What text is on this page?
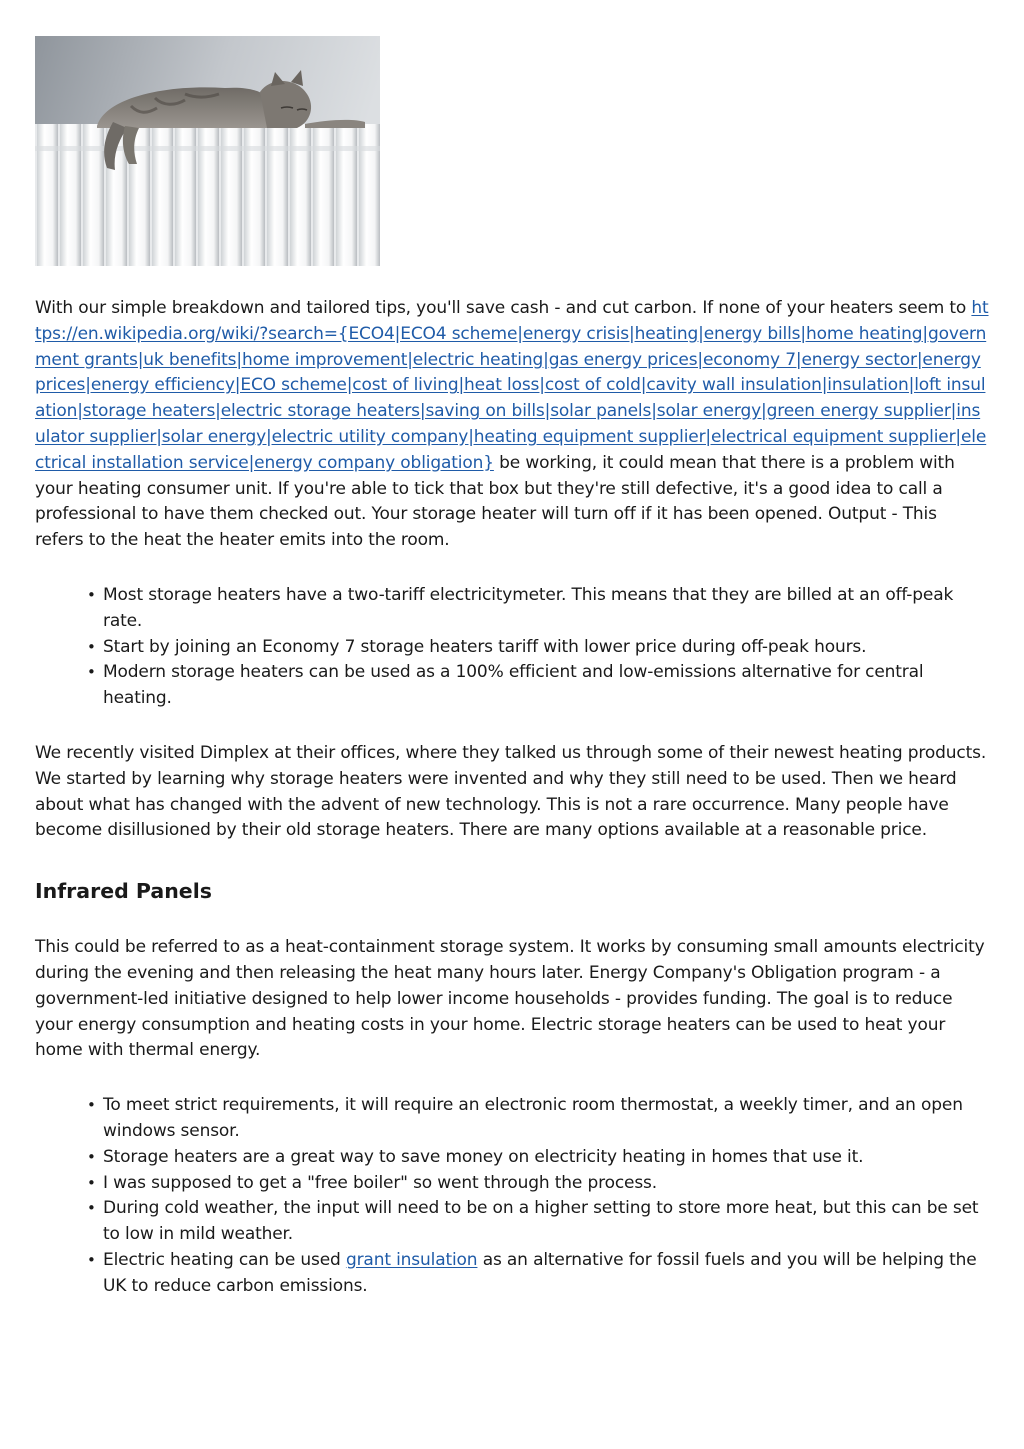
With our simple breakdown and tailored tips, you'll save cash - and cut carbon. If none of your heaters seem to https://en.wikipedia.org/wiki/?search={ECO4|ECO4 scheme|energy crisis|heating|energy bills|home heating|government grants|uk benefits|home improvement|electric heating|gas energy prices|economy 7|energy sector|energy prices|energy efficiency|ECO scheme|cost of living|heat loss|cost of cold|cavity wall insulation|insulation|loft insulation|storage heaters|electric storage heaters|saving on bills|solar panels|solar energy|green energy supplier|insulator supplier|solar energy|electric utility company|heating equipment supplier|electrical equipment supplier|electrical installation service|energy company obligation} be working, it could mean that there is a problem with your heating consumer unit. If you're able to tick that box but they're still defective, it's a good idea to call a professional to have them checked out. Your storage heater will turn off if it has been opened. Output - This refers to the heat the heater emits into the room.

• Most storage heaters have a two-tariff electricitymeter. This means that they are billed at an off-peak rate.
• Start by joining an Economy 7 storage heaters tariff with lower price during off-peak hours.
• Modern storage heaters can be used as a 100% efficient and low-emissions alternative for central heating.

We recently visited Dimplex at their offices, where they talked us through some of their newest heating products. We started by learning why storage heaters were invented and why they still need to be used. Then we heard about what has changed with the advent of new technology. This is not a rare occurrence. Many people have become disillusioned by their old storage heaters. There are many options available at a reasonable price.

Infrared Panels

This could be referred to as a heat-containment storage system. It works by consuming small amounts electricity during the evening and then releasing the heat many hours later. Energy Company's Obligation program - a government-led initiative designed to help lower income households - provides funding. The goal is to reduce your energy consumption and heating costs in your home. Electric storage heaters can be used to heat your home with thermal energy.

• To meet strict requirements, it will require an electronic room thermostat, a weekly timer, and an open windows sensor.
• Storage heaters are a great way to save money on electricity heating in homes that use it.
• I was supposed to get a "free boiler" so went through the process.
• During cold weather, the input will need to be on a higher setting to store more heat, but this can be set to low in mild weather.
• Electric heating can be used grant insulation as an alternative for fossil fuels and you will be helping the UK to reduce carbon emissions.
